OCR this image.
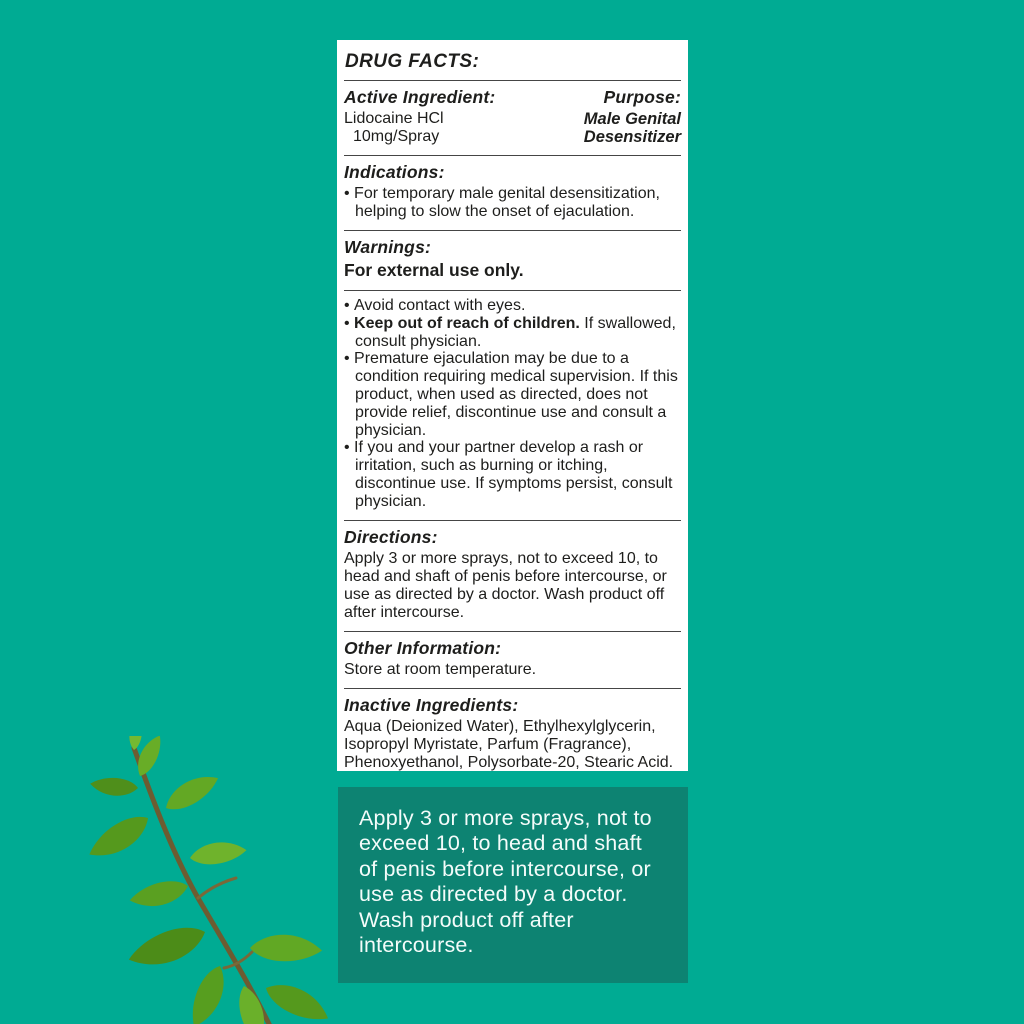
DRUG FACTS:
Active Ingredient:
Lidocaine HCl
10mg/Spray
Purpose:
Male Genital
Desensitizer
Indications:
• For temporary male genital desensitization, helping to slow the onset of ejaculation.
Warnings:
For external use only.
• Avoid contact with eyes.
• Keep out of reach of children. If swallowed, consult physician.
• Premature ejaculation may be due to a condition requiring medical supervision. If this product, when used as directed, does not provide relief, discontinue use and consult a physician.
• If you and your partner develop a rash or irritation, such as burning or itching, discontinue use. If symptoms persist, consult physician.
Directions:
Apply 3 or more sprays, not to exceed 10, to head and shaft of penis before intercourse, or use as directed by a doctor. Wash product off after intercourse.
Other Information:
Store at room temperature.
Inactive Ingredients:
Aqua (Deionized Water), Ethylhexylglycerin, Isopropyl Myristate, Parfum (Fragrance), Phenoxyethanol, Polysorbate-20, Stearic Acid.
Apply 3 or more sprays, not to exceed 10, to head and shaft of penis before intercourse, or use as directed by a doctor. Wash product off after intercourse.
